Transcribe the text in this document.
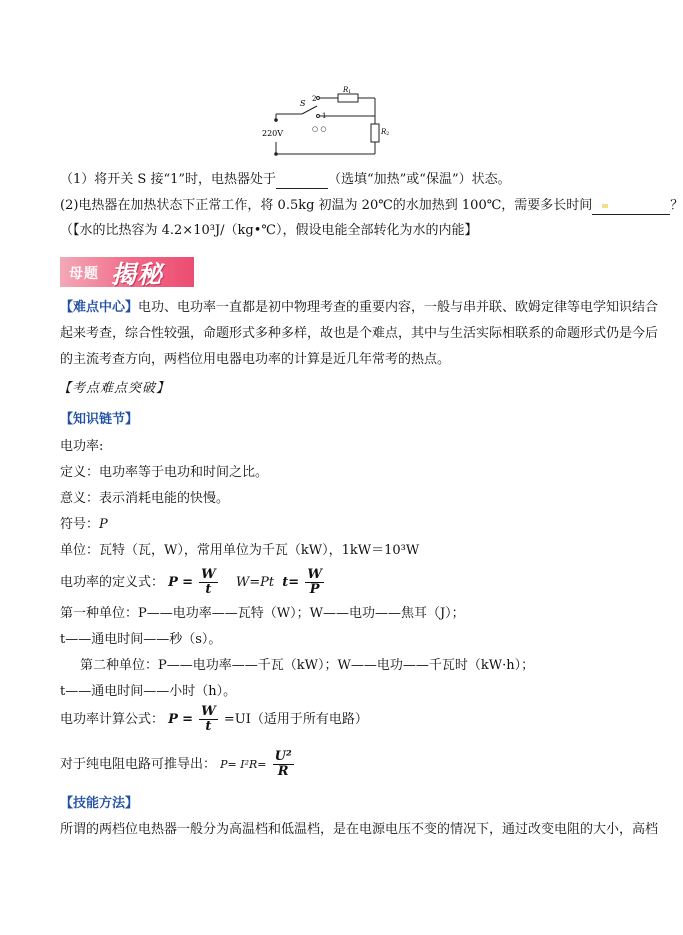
S 2
1
○ ○
R 1
R 2
220V
（1）将开关 S 接“1”时，电热器处于	（选填“加热”或“保温”）状态。
(2)电热器在加热状态下正常工作，将 0.5kg 初温为 20℃的水加热到 100℃，需要多长时间	？
（【水的比热容为 4.2×10³J/（kg•℃），假设电能全部转化为水的内能】
母题 揭秘
【难点中心】电功、电功率一直都是初中物理考查的重要内容，一般与串并联、欧姆定律等电学知识结合
起来考查，综合性较强，命题形式多种多样，故也是个难点，其中与生活实际相联系的命题形式仍是今后
的主流考查方向，两档位用电器电功率的计算是近几年常考的热点。
【考点难点突破】
【知识链节】
电功率:
定义：电功率等于电功和时间之比。
意义：表示消耗电能的快慢。
符号：P
单位：瓦特（瓦，W），常用单位为千瓦（kW），1kW＝10³W
电功率的定义式： $P = \frac{W}{t} W=Pt$ $t= \frac{W}{P}$
第一种单位：P——电功率——瓦特（W）；W——电功——焦耳（J）；
t——通电时间——秒（s）。
第二种单位：P——电功率——千瓦（kW）；W——电功——千瓦时（kW·h）；
t——通电时间——小时（h）。
电功率计算公式： $P = \frac{W}{t} =UI$（适用于所有电路）
对于纯电阻电路可推导出： $P= I^2R= \frac{\text{U²}}{R}$
【技能方法】
所谓的两档位电热器一般分为高温档和低温档，是在电源电压不变的情况下，通过改变电阻的大小，高档
